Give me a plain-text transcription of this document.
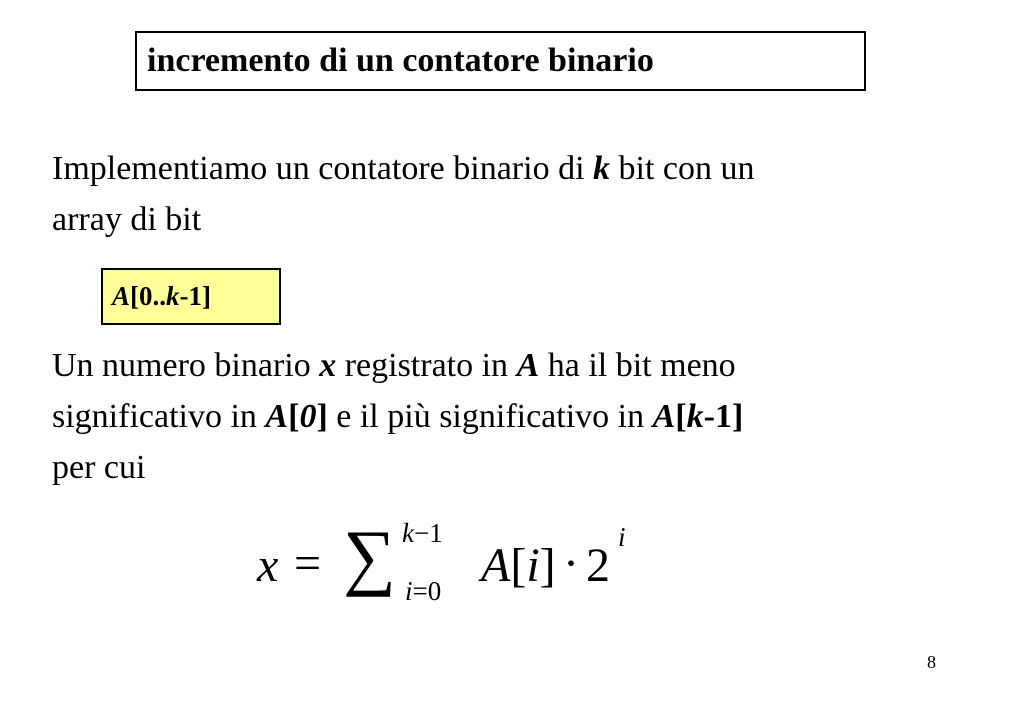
incremento di un contatore binario

Implementiamo un contatore binario di k bit con un
array di bit

A[0..k-1]

Un numero binario x registrato in A ha il bit meno
significativo in A[0] e il più significativo in A[k-1]
per cui

x = ∑ k−1
i=0 A[i] · 2
i
8
